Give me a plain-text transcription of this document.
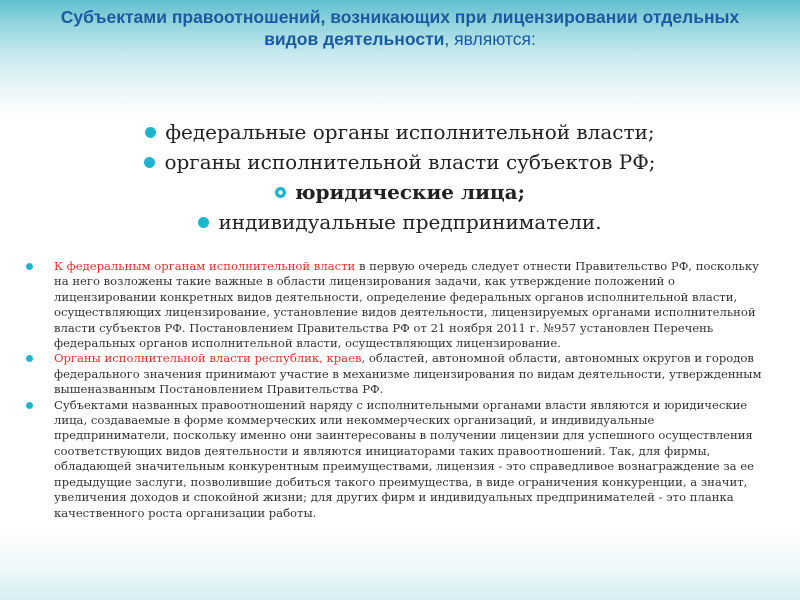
Субъектами правоотношений, возникающих при лицензировании отдельных видов деятельности, являются:
федеральные органы исполнительной власти;
органы исполнительной власти субъектов РФ;
юридические лица;
индивидуальные предприниматели.
К федеральным органам исполнительной власти в первую очередь следует отнести Правительство РФ, поскольку на него возложены такие важные в области лицензирования задачи, как утверждение положений о лицензировании конкретных видов деятельности, определение федеральных органов исполнительной власти, осуществляющих лицензирование, установление видов деятельности, лицензируемых органами исполнительной власти субъектов РФ. Постановлением Правительства РФ от 21 ноября 2011 г. №957 установлен Перечень федеральных органов исполнительной власти, осуществляющих лицензирование.
Органы исполнительной власти республик, краев, областей, автономной области, автономных округов и городов федерального значения принимают участие в механизме лицензирования по видам деятельности, утвержденным вышеназванным Постановлением Правительства РФ.
Субъектами названных правоотношений наряду с исполнительными органами власти являются и юридические лица, создаваемые в форме коммерческих или некоммерческих организаций, и индивидуальные предприниматели, поскольку именно они заинтересованы в получении лицензии для успешного осуществления соответствующих видов деятельности и являются инициаторами таких правоотношений. Так, для фирмы, обладающей значительным конкурентным преимуществами, лицензия - это справедливое вознаграждение за ее предыдущие заслуги, позволившие добиться такого преимущества, в виде ограничения конкуренции, а значит, увеличения доходов и спокойной жизни; для других фирм и индивидуальных предпринимателей - это планка качественного роста организации работы.
